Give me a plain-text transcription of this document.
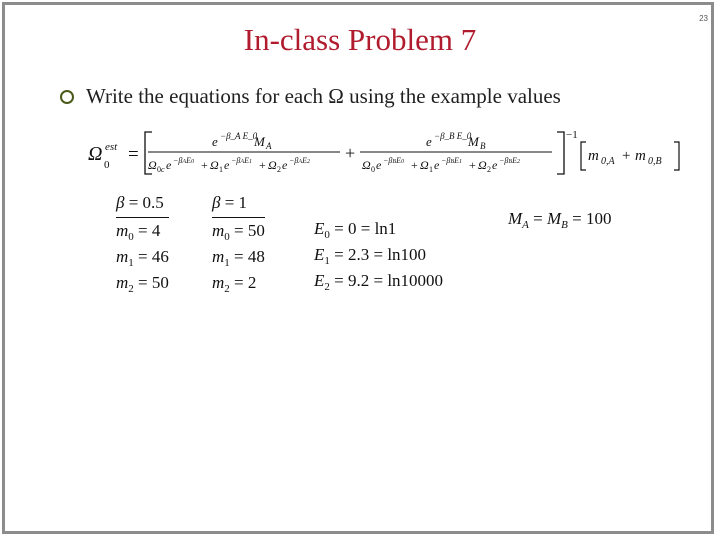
23
In-class Problem 7
Write the equations for each Ω using the example values
Ω est
0 =
e −β_A E_0
M A
Ω 0c e −βAE0 + Ω 1 e −βAE1 + Ω 2 e −βAE2 +
e −β_B E_0
M B
Ω 0 e −βBE0 + Ω 1 e −βBE1 + Ω 2 e −βBE2
−1
m 0,A + m 0,B
β = 0.5
$m_0 = 4$
$m_1 = 46$
$m_2 = 50$
β = 1
$m_0 = 50$
$m_1 = 48$
$m_2 = 2$
$E_0 = 0 = \ln 1$
$E_1 = 2.3 = \ln 100$
$E_2 = 9.2 = \ln 10000$
$M_A = M_B = 100$
